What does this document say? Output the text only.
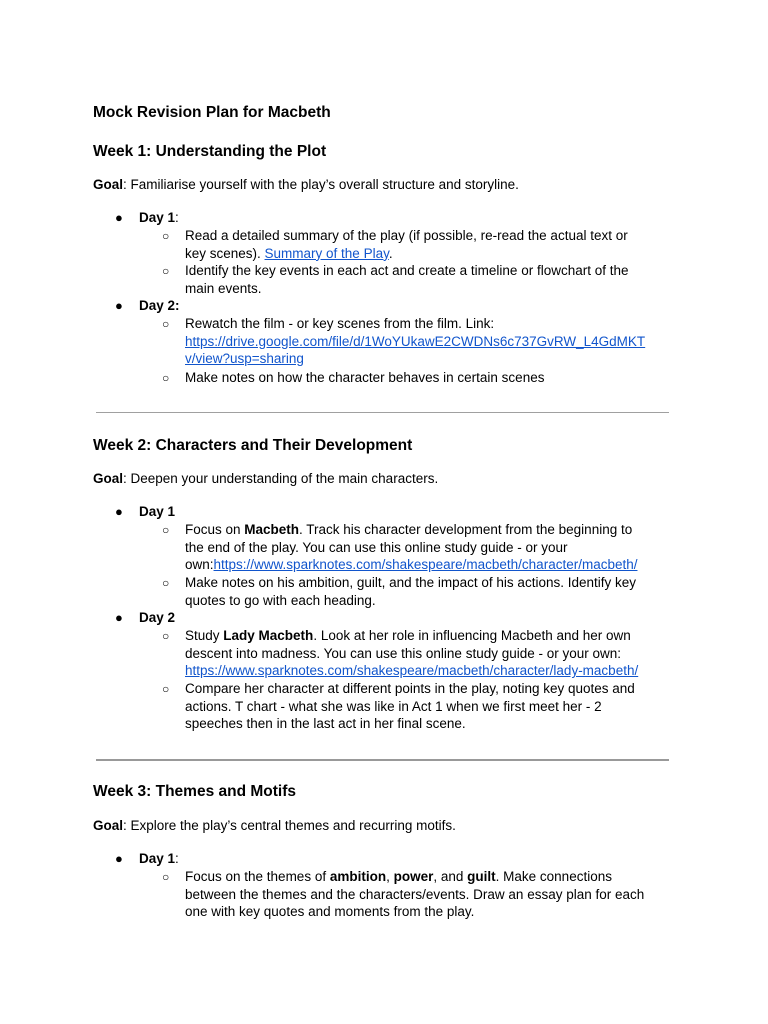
Mock Revision Plan for Macbeth
Week 1: Understanding the Plot
Goal: Familiarise yourself with the play’s overall structure and storyline.
● Day 1:
○ Read a detailed summary of the play (if possible, re-read the actual text or
key scenes). Summary of the Play.
○ Identify the key events in each act and create a timeline or flowchart of the
main events.
● Day 2:
○ Rewatch the film - or key scenes from the film. Link:
https://drive.google.com/file/d/1WoYUkawE2CWDNs6c737GvRW_L4GdMKT
v/view?usp=sharing
○ Make notes on how the character behaves in certain scenes
Week 2: Characters and Their Development
Goal: Deepen your understanding of the main characters.
● Day 1
○ Focus on Macbeth. Track his character development from the beginning to
the end of the play. You can use this online study guide - or your
own:https://www.sparknotes.com/shakespeare/macbeth/character/macbeth/
○ Make notes on his ambition, guilt, and the impact of his actions. Identify key
quotes to go with each heading.
● Day 2
○ Study Lady Macbeth. Look at her role in influencing Macbeth and her own
descent into madness. You can use this online study guide - or your own:
https://www.sparknotes.com/shakespeare/macbeth/character/lady-macbeth/
○ Compare her character at different points in the play, noting key quotes and
actions. T chart - what she was like in Act 1 when we first meet her - 2
speeches then in the last act in her final scene.
Week 3: Themes and Motifs
Goal: Explore the play’s central themes and recurring motifs.
● Day 1:
○ Focus on the themes of ambition, power, and guilt. Make connections
between the themes and the characters/events. Draw an essay plan for each
one with key quotes and moments from the play.
